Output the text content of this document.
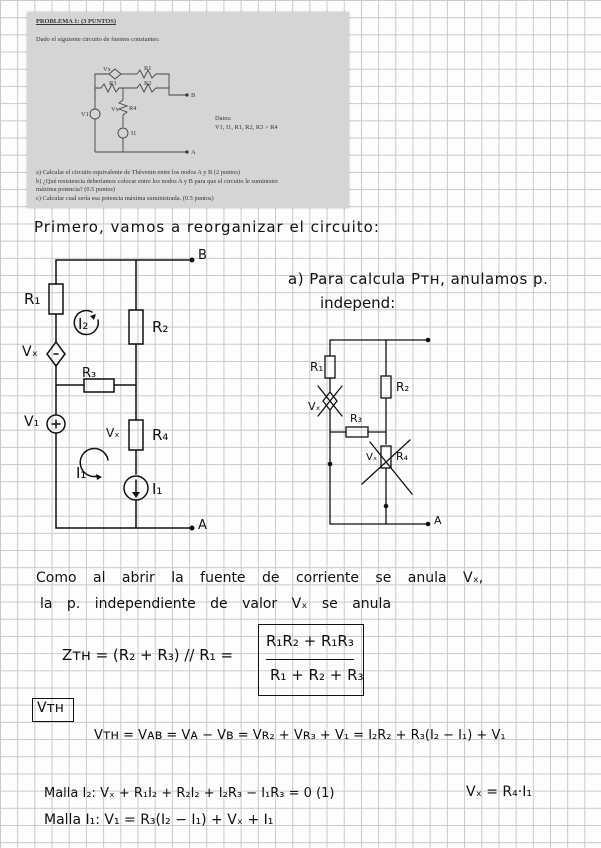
PROBLEMA 1: (3 PUNTOS)
Dado el siguiente circuito de fuentes constantes:
Vx	R1
R3	R2
B
Vx R4
V1
I1
A
Datos:
V1, I1, R1, R2, R3 > R4
a) Calcular el circuito equivalente de Thévenin entre los nodos A y B (2 puntos)
b) ¿Qué resistencia deberíamos colocar entre los nodos A y B para que el circuito le suministre
máxima potencia? (0.5 puntos)
c) Calcular cual sería esa potencia máxima suministrada. (0.5 puntos)
Primero, vamos a reorganizar el circuito:
B
R₁
I₂	R₂
Vₓ
R₃
V₁
Vₓ R₄
I₁
I₁
A
a) Para calcula Pᴛʜ, anulamos p.
independ:
R₁
R₂
Vₓ
R₃
Vₓ R₄
A
Como al abrir la fuente de corriente se anula Vₓ,
la p. independiente de valor Vₓ se anula
Zᴛʜ = (R₂ + R₃) // R₁ =
R₁R₂ + R₁R₃
R₁ + R₂ + R₃
Vᴛʜ
Vᴛʜ = Vᴀʙ = Vᴀ − Vʙ = Vʀ₂ + Vʀ₃ + V₁ = I₂R₂ + R₃(I₂ − I₁) + V₁
Malla I₂: Vₓ + R₁I₂ + R₂I₂ + I₂R₃ − I₁R₃ = 0 (1)	Vₓ = R₄·I₁
Malla I₁: V₁ = R₃(I₂ − I₁) + Vₓ + I₁
